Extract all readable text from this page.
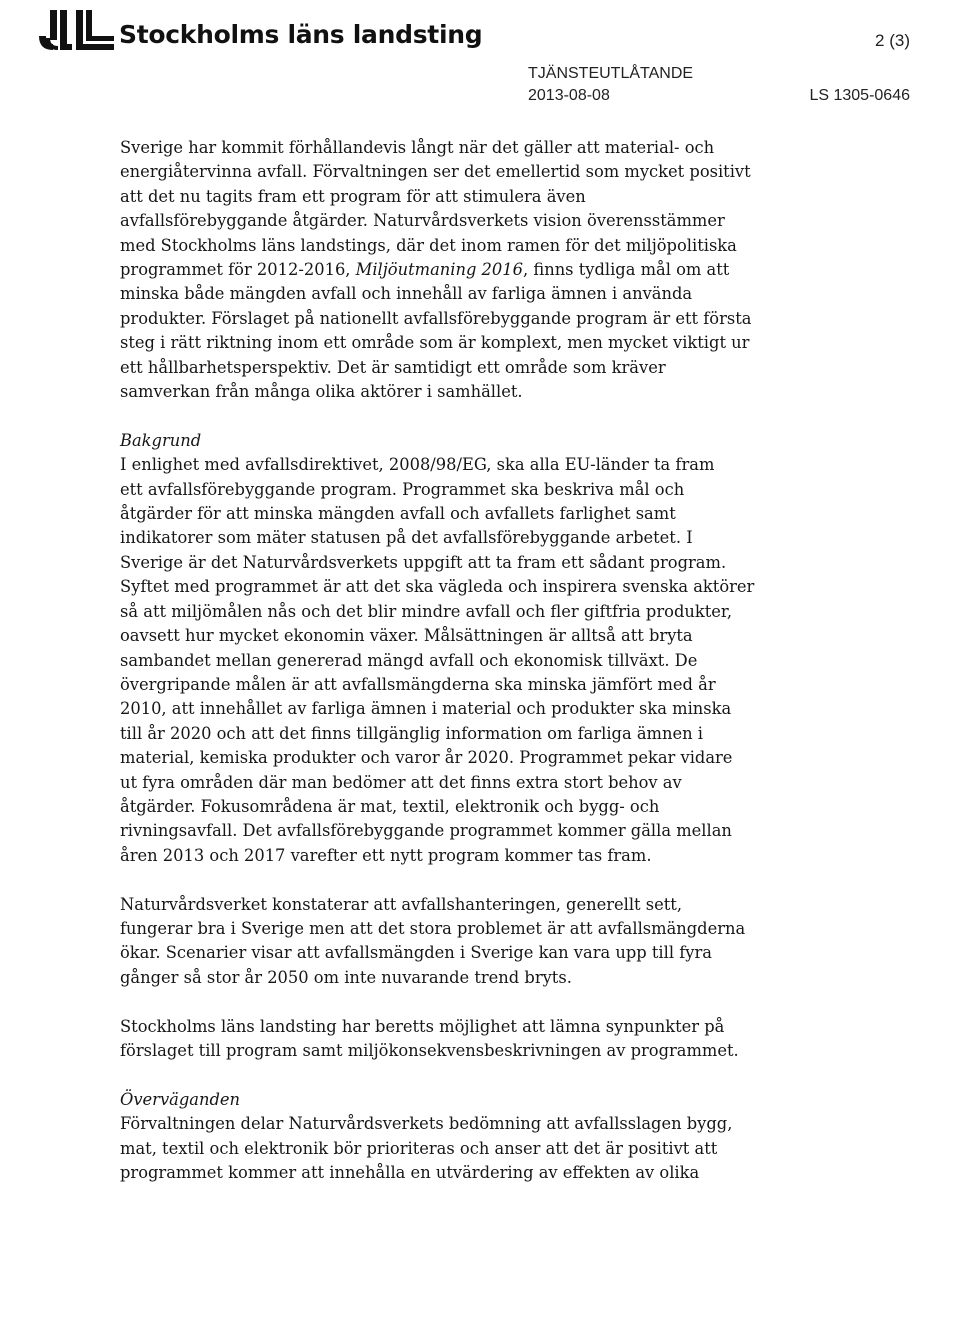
Stockholms läns landsting	2 (3)
TJÄNSTEUTLÅTANDE
2013-08-08	LS 1305-0646
Sverige har kommit förhållandevis långt när det gäller att material- och
energiåtervinna avfall. Förvaltningen ser det emellertid som mycket positivt
att det nu tagits fram ett program för att stimulera även
avfallsförebyggande åtgärder. Naturvårdsverkets vision överensstämmer
med Stockholms läns landstings, där det inom ramen för det miljöpolitiska
programmet för 2012-2016, Miljöutmaning 2016, finns tydliga mål om att
minska både mängden avfall och innehåll av farliga ämnen i använda
produkter. Förslaget på nationellt avfallsförebyggande program är ett första
steg i rätt riktning inom ett område som är komplext, men mycket viktigt ur
ett hållbarhetsperspektiv. Det är samtidigt ett område som kräver
samverkan från många olika aktörer i samhället.
Bakgrund
I enlighet med avfallsdirektivet, 2008/98/EG, ska alla EU-länder ta fram
ett avfallsförebyggande program. Programmet ska beskriva mål och
åtgärder för att minska mängden avfall och avfallets farlighet samt
indikatorer som mäter statusen på det avfallsförebyggande arbetet. I
Sverige är det Naturvårdsverkets uppgift att ta fram ett sådant program.
Syftet med programmet är att det ska vägleda och inspirera svenska aktörer
så att miljömålen nås och det blir mindre avfall och fler giftfria produkter,
oavsett hur mycket ekonomin växer. Målsättningen är alltså att bryta
sambandet mellan genererad mängd avfall och ekonomisk tillväxt. De
övergripande målen är att avfallsmängderna ska minska jämfört med år
2010, att innehållet av farliga ämnen i material och produkter ska minska
till år 2020 och att det finns tillgänglig information om farliga ämnen i
material, kemiska produkter och varor år 2020. Programmet pekar vidare
ut fyra områden där man bedömer att det finns extra stort behov av
åtgärder. Fokusområdena är mat, textil, elektronik och bygg- och
rivningsavfall. Det avfallsförebyggande programmet kommer gälla mellan
åren 2013 och 2017 varefter ett nytt program kommer tas fram.
Naturvårdsverket konstaterar att avfallshanteringen, generellt sett,
fungerar bra i Sverige men att det stora problemet är att avfallsmängderna
ökar. Scenarier visar att avfallsmängden i Sverige kan vara upp till fyra
gånger så stor år 2050 om inte nuvarande trend bryts.
Stockholms läns landsting har beretts möjlighet att lämna synpunkter på
förslaget till program samt miljökonsekvensbeskrivningen av programmet.
Överväganden
Förvaltningen delar Naturvårdsverkets bedömning att avfallsslagen bygg,
mat, textil och elektronik bör prioriteras och anser att det är positivt att
programmet kommer att innehålla en utvärdering av effekten av olika
